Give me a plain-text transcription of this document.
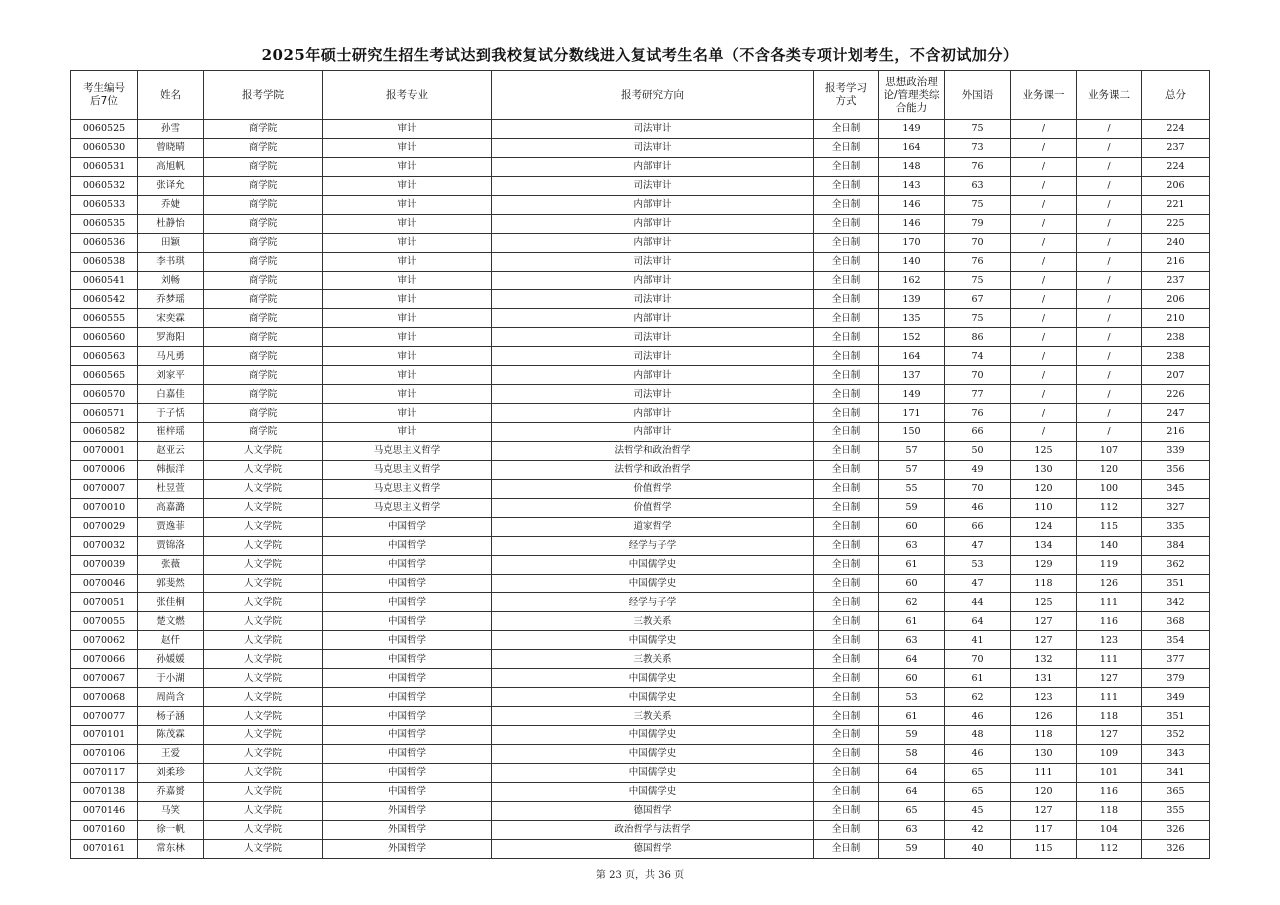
2025年硕士研究生招生考试达到我校复试分数线进入复试考生名单（不含各类专项计划考生，不含初试加分）
考生编号后7位	姓名	报考学院	报考专业	报考研究方向	报考学习方式	思想政治理论/管理类综合能力	外国语	业务课一	业务课二	总分
0060525	孙雪	商学院	审计	司法审计	全日制	149	75	/	/	224
0060530	曾晓晴	商学院	审计	司法审计	全日制	164	73	/	/	237
0060531	高旭帆	商学院	审计	内部审计	全日制	148	76	/	/	224
0060532	张译允	商学院	审计	司法审计	全日制	143	63	/	/	206
0060533	乔婕	商学院	审计	内部审计	全日制	146	75	/	/	221
0060535	杜静怡	商学院	审计	内部审计	全日制	146	79	/	/	225
0060536	田颖	商学院	审计	内部审计	全日制	170	70	/	/	240
0060538	李书琪	商学院	审计	司法审计	全日制	140	76	/	/	216
0060541	刘畅	商学院	审计	内部审计	全日制	162	75	/	/	237
0060542	乔梦瑶	商学院	审计	司法审计	全日制	139	67	/	/	206
0060555	宋奕霖	商学院	审计	内部审计	全日制	135	75	/	/	210
0060560	罗海阳	商学院	审计	司法审计	全日制	152	86	/	/	238
0060563	马凡勇	商学院	审计	司法审计	全日制	164	74	/	/	238
0060565	刘家平	商学院	审计	内部审计	全日制	137	70	/	/	207
0060570	白嘉佳	商学院	审计	司法审计	全日制	149	77	/	/	226
0060571	于子恬	商学院	审计	内部审计	全日制	171	76	/	/	247
0060582	崔梓瑶	商学院	审计	内部审计	全日制	150	66	/	/	216
0070001	赵亚云	人文学院	马克思主义哲学	法哲学和政治哲学	全日制	57	50	125	107	339
0070006	韩振洋	人文学院	马克思主义哲学	法哲学和政治哲学	全日制	57	49	130	120	356
0070007	杜昱萱	人文学院	马克思主义哲学	价值哲学	全日制	55	70	120	100	345
0070010	高嘉潞	人文学院	马克思主义哲学	价值哲学	全日制	59	46	110	112	327
0070029	贾逸菲	人文学院	中国哲学	道家哲学	全日制	60	66	124	115	335
0070032	贾锦洛	人文学院	中国哲学	经学与子学	全日制	63	47	134	140	384
0070039	张薇	人文学院	中国哲学	中国儒学史	全日制	61	53	129	119	362
0070046	郭斐然	人文学院	中国哲学	中国儒学史	全日制	60	47	118	126	351
0070051	张佳桐	人文学院	中国哲学	经学与子学	全日制	62	44	125	111	342
0070055	楚文燃	人文学院	中国哲学	三教关系	全日制	61	64	127	116	368
0070062	赵仟	人文学院	中国哲学	中国儒学史	全日制	63	41	127	123	354
0070066	孙媛媛	人文学院	中国哲学	三教关系	全日制	64	70	132	111	377
0070067	于小湖	人文学院	中国哲学	中国儒学史	全日制	60	61	131	127	379
0070068	周尚含	人文学院	中国哲学	中国儒学史	全日制	53	62	123	111	349
0070077	杨子涵	人文学院	中国哲学	三教关系	全日制	61	46	126	118	351
0070101	陈茂霖	人文学院	中国哲学	中国儒学史	全日制	59	48	118	127	352
0070106	王爱	人文学院	中国哲学	中国儒学史	全日制	58	46	130	109	343
0070117	刘柔珍	人文学院	中国哲学	中国儒学史	全日制	64	65	111	101	341
0070138	乔嘉赟	人文学院	中国哲学	中国儒学史	全日制	64	65	120	116	365
0070146	马笑	人文学院	外国哲学	德国哲学	全日制	65	45	127	118	355
0070160	徐一帆	人文学院	外国哲学	政治哲学与法哲学	全日制	63	42	117	104	326
0070161	常东林	人文学院	外国哲学	德国哲学	全日制	59	40	115	112	326
第 23 页，共 36 页
